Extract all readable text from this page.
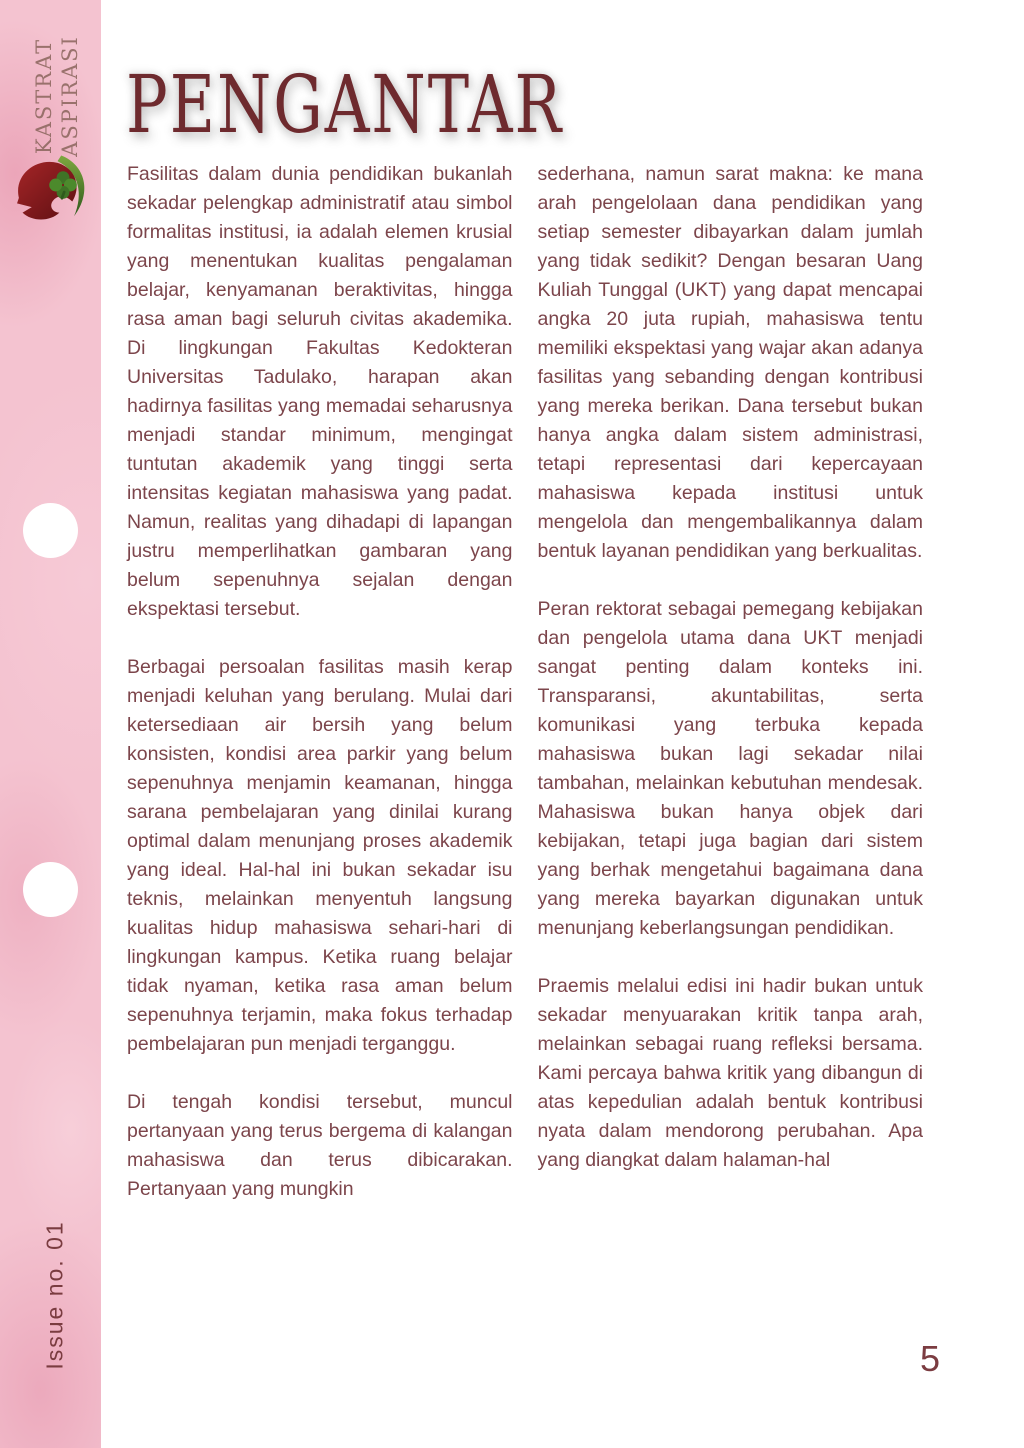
KASTRAT ASPIRASI
Issue no. 01
PENGANTAR

Fasilitas dalam dunia pendidikan bukanlah sekadar pelengkap administratif atau simbol formalitas institusi, ia adalah elemen krusial yang menentukan kualitas pengalaman belajar, kenyamanan beraktivitas, hingga rasa aman bagi seluruh civitas akademika. Di lingkungan Fakultas Kedokteran Universitas Tadulako, harapan akan hadirnya fasilitas yang memadai seharusnya menjadi standar minimum, mengingat tuntutan akademik yang tinggi serta intensitas kegiatan mahasiswa yang padat. Namun, realitas yang dihadapi di lapangan justru memperlihatkan gambaran yang belum sepenuhnya sejalan dengan ekspektasi tersebut.

Berbagai persoalan fasilitas masih kerap menjadi keluhan yang berulang. Mulai dari ketersediaan air bersih yang belum konsisten, kondisi area parkir yang belum sepenuhnya menjamin keamanan, hingga sarana pembelajaran yang dinilai kurang optimal dalam menunjang proses akademik yang ideal. Hal-hal ini bukan sekadar isu teknis, melainkan menyentuh langsung kualitas hidup mahasiswa sehari-hari di lingkungan kampus. Ketika ruang belajar tidak nyaman, ketika rasa aman belum sepenuhnya terjamin, maka fokus terhadap pembelajaran pun menjadi terganggu.

Di tengah kondisi tersebut, muncul pertanyaan yang terus bergema di kalangan mahasiswa dan terus dibicarakan. Pertanyaan yang mungkin

sederhana, namun sarat makna: ke mana arah pengelolaan dana pendidikan yang setiap semester dibayarkan dalam jumlah yang tidak sedikit? Dengan besaran Uang Kuliah Tunggal (UKT) yang dapat mencapai angka 20 juta rupiah, mahasiswa tentu memiliki ekspektasi yang wajar akan adanya fasilitas yang sebanding dengan kontribusi yang mereka berikan. Dana tersebut bukan hanya angka dalam sistem administrasi, tetapi representasi dari kepercayaan mahasiswa kepada institusi untuk mengelola dan mengembalikannya dalam bentuk layanan pendidikan yang berkualitas.

Peran rektorat sebagai pemegang kebijakan dan pengelola utama dana UKT menjadi sangat penting dalam konteks ini. Transparansi, akuntabilitas, serta komunikasi yang terbuka kepada mahasiswa bukan lagi sekadar nilai tambahan, melainkan kebutuhan mendesak. Mahasiswa bukan hanya objek dari kebijakan, tetapi juga bagian dari sistem yang berhak mengetahui bagaimana dana yang mereka bayarkan digunakan untuk menunjang keberlangsungan pendidikan.

Praemis melalui edisi ini hadir bukan untuk sekadar menyuarakan kritik tanpa arah, melainkan sebagai ruang refleksi bersama. Kami percaya bahwa kritik yang dibangun di atas kepedulian adalah bentuk kontribusi nyata dalam mendorong perubahan. Apa yang diangkat dalam halaman-hal

5
